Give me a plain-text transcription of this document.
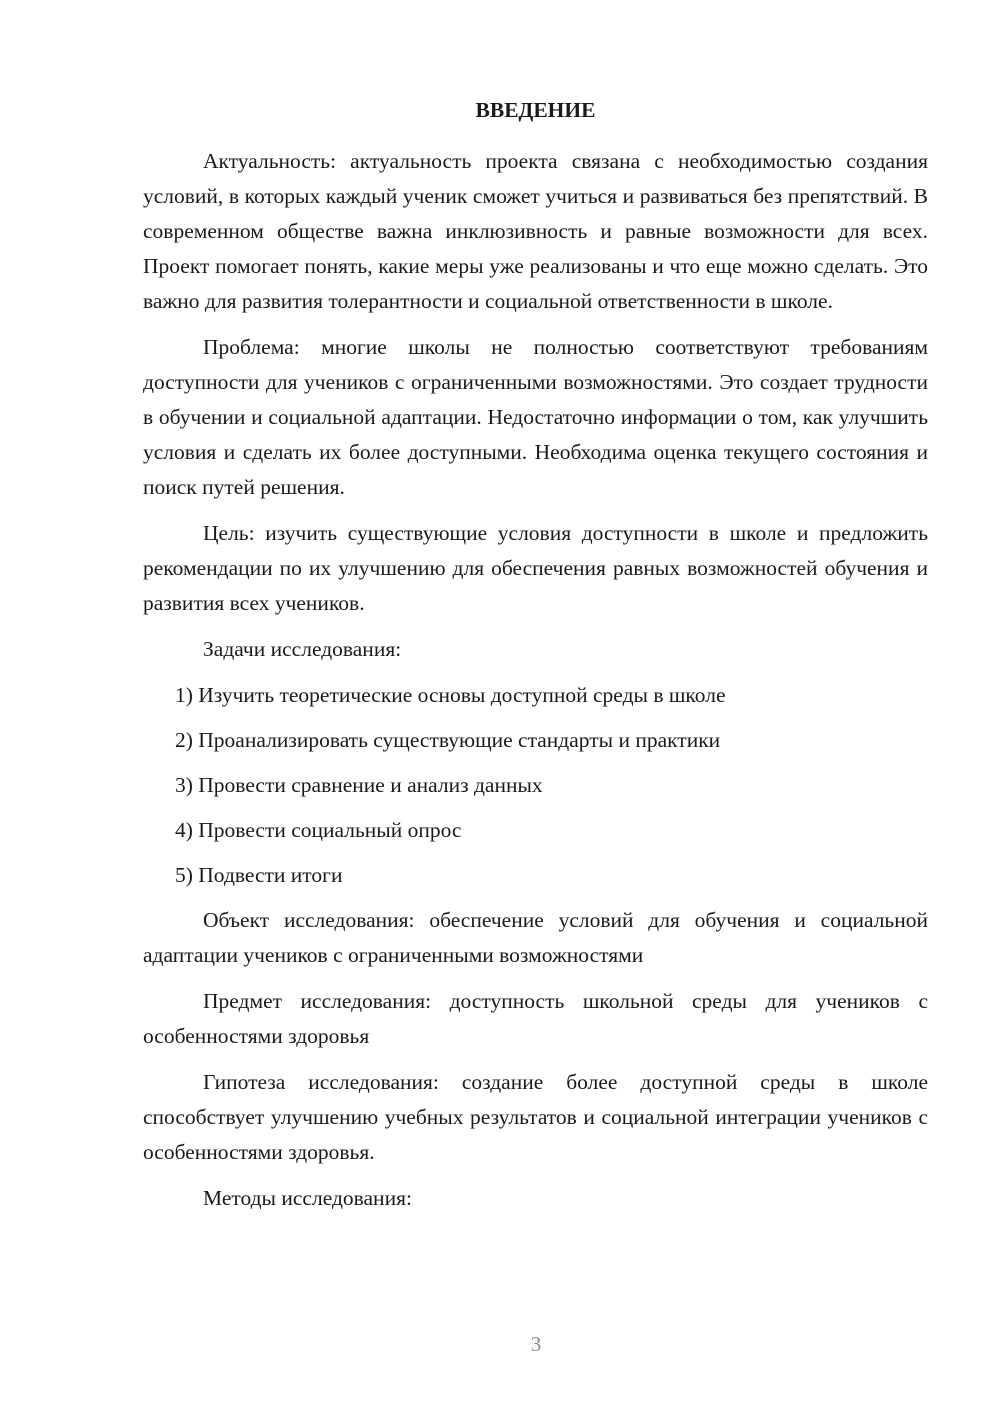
ВВЕДЕНИЕ

Актуальность: актуальность проекта связана с необходимостью создания условий, в которых каждый ученик сможет учиться и развиваться без препятствий. В современном обществе важна инклюзивность и равные возможности для всех. Проект помогает понять, какие меры уже реализованы и что еще можно сделать. Это важно для развития толерантности и социальной ответственности в школе.

Проблема: многие школы не полностью соответствуют требованиям доступности для учеников с ограниченными возможностями. Это создает трудности в обучении и социальной адаптации. Недостаточно информации о том, как улучшить условия и сделать их более доступными. Необходима оценка текущего состояния и поиск путей решения.

Цель: изучить существующие условия доступности в школе и предложить рекомендации по их улучшению для обеспечения равных возможностей обучения и развития всех учеников.

Задачи исследования:

1) Изучить теоретические основы доступной среды в школе
2) Проанализировать существующие стандарты и практики
3) Провести сравнение и анализ данных
4) Провести социальный опрос
5) Подвести итоги

Объект исследования: обеспечение условий для обучения и социальной адаптации учеников с ограниченными возможностями

Предмет исследования: доступность школьной среды для учеников с особенностями здоровья

Гипотеза исследования: создание более доступной среды в школе способствует улучшению учебных результатов и социальной интеграции учеников с особенностями здоровья.

Методы исследования:

3
